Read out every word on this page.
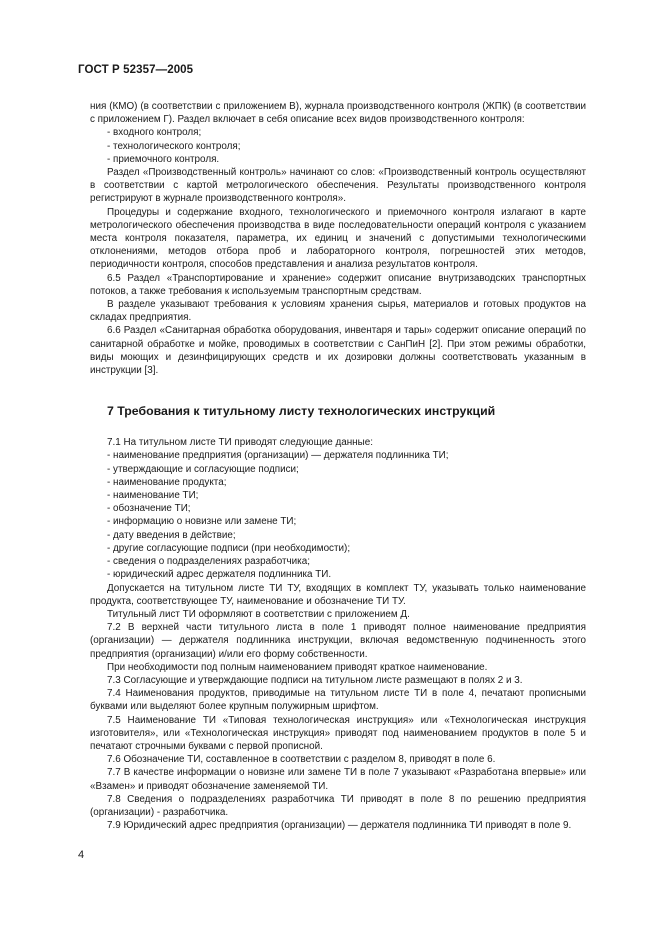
ГОСТ Р 52357—2005

ния (КМО) (в соответствии с приложением В), журнала производственного контроля (ЖПК) (в соответствии с приложением Г). Раздел включает в себя описание всех видов производственного контроля:

- входного контроля;
- технологического контроля;
- приемочного контроля.

Раздел «Производственный контроль» начинают со слов: «Производственный контроль осуществляют в соответствии с картой метрологического обеспечения. Результаты производственного контроля регистрируют в журнале производственного контроля».

Процедуры и содержание входного, технологического и приемочного контроля излагают в карте метрологического обеспечения производства в виде последовательности операций контроля с указанием места контроля показателя, параметра, их единиц и значений с допустимыми технологическими отклонениями, методов отбора проб и лабораторного контроля, погрешностей этих методов, периодичности контроля, способов представления и анализа результатов контроля.

6.5 Раздел «Транспортирование и хранение» содержит описание внутризаводских транспортных потоков, а также требования к используемым транспортным средствам.

В разделе указывают требования к условиям хранения сырья, материалов и готовых продуктов на складах предприятия.

6.6 Раздел «Санитарная обработка оборудования, инвентаря и тары» содержит описание операций по санитарной обработке и мойке, проводимых в соответствии с СанПиН [2]. При этом режимы обработки, виды моющих и дезинфицирующих средств и их дозировки должны соответствовать указанным в инструкции [3].

7 Требования к титульному листу технологических инструкций

7.1 На титульном листе ТИ приводят следующие данные:

- наименование предприятия (организации) — держателя подлинника ТИ;
- утверждающие и согласующие подписи;
- наименование продукта;
- наименование ТИ;
- обозначение ТИ;
- информацию о новизне или замене ТИ;
- дату введения в действие;
- другие согласующие подписи (при необходимости);
- сведения о подразделениях разработчика;
- юридический адрес держателя подлинника ТИ.

Допускается на титульном листе ТИ ТУ, входящих в комплект ТУ, указывать только наименование продукта, соответствующее ТУ, наименование и обозначение ТИ ТУ.

Титульный лист ТИ оформляют в соответствии с приложением Д.

7.2 В верхней части титульного листа в поле 1 приводят полное наименование предприятия (организации) — держателя подлинника инструкции, включая ведомственную подчиненность этого предприятия (организации) и/или его форму собственности.

При необходимости под полным наименованием приводят краткое наименование.

7.3 Согласующие и утверждающие подписи на титульном листе размещают в полях 2 и 3.

7.4 Наименования продуктов, приводимые на титульном листе ТИ в поле 4, печатают прописными буквами или выделяют более крупным полужирным шрифтом.

7.5 Наименование ТИ «Типовая технологическая инструкция» или «Технологическая инструкция изготовителя», или «Технологическая инструкция» приводят под наименованием продуктов в поле 5 и печатают строчными буквами с первой прописной.

7.6 Обозначение ТИ, составленное в соответствии с разделом 8, приводят в поле 6.

7.7 В качестве информации о новизне или замене ТИ в поле 7 указывают «Разработана впервые» или «Взамен» и приводят обозначение заменяемой ТИ.

7.8 Сведения о подразделениях разработчика ТИ приводят в поле 8 по решению предприятия (организации) - разработчика.

7.9 Юридический адрес предприятия (организации) — держателя подлинника ТИ приводят в поле 9.

4
